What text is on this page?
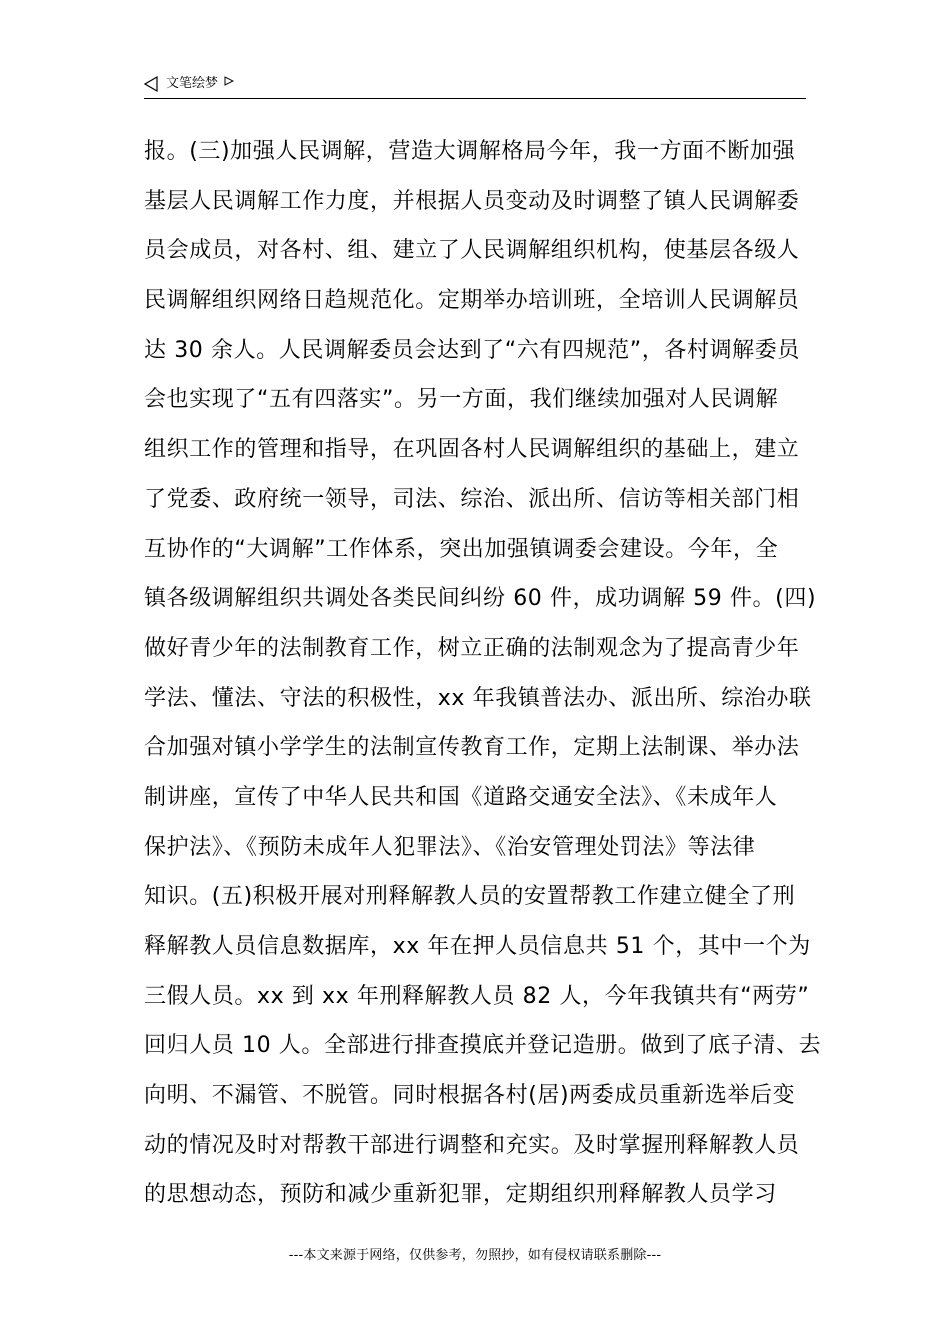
文笔绘梦
报。(三)加强人民调解，营造大调解格局今年，我一方面不断加强
基层人民调解工作力度，并根据人员变动及时调整了镇人民调解委
员会成员，对各村、组、建立了人民调解组织机构，使基层各级人
民调解组织网络日趋规范化。定期举办培训班，全培训人民调解员
达 30 余人。人民调解委员会达到了“六有四规范”，各村调解委员
会也实现了“五有四落实”。另一方面，我们继续加强对人民调解
组织工作的管理和指导，在巩固各村人民调解组织的基础上，建立
了党委、政府统一领导，司法、综治、派出所、信访等相关部门相
互协作的“大调解”工作体系，突出加强镇调委会建设。今年，全
镇各级调解组织共调处各类民间纠纷 60 件，成功调解 59 件。(四)
做好青少年的法制教育工作，树立正确的法制观念为了提高青少年
学法、懂法、守法的积极性，xx 年我镇普法办、派出所、综治办联
合加强对镇小学学生的法制宣传教育工作，定期上法制课、举办法
制讲座，宣传了中华人民共和国《道路交通安全法》、《未成年人
保护法》、《预防未成年人犯罪法》、《治安管理处罚法》等法律
知识。(五)积极开展对刑释解教人员的安置帮教工作建立健全了刑
释解教人员信息数据库，xx 年在押人员信息共 51 个，其中一个为
三假人员。xx 到 xx 年刑释解教人员 82 人，今年我镇共有“两劳”
回归人员 10 人。全部进行排查摸底并登记造册。做到了底子清、去
向明、不漏管、不脱管。同时根据各村(居)两委成员重新选举后变
动的情况及时对帮教干部进行调整和充实。及时掌握刑释解教人员
的思想动态，预防和减少重新犯罪，定期组织刑释解教人员学习
---本文来源于网络，仅供参考，勿照抄，如有侵权请联系删除---
